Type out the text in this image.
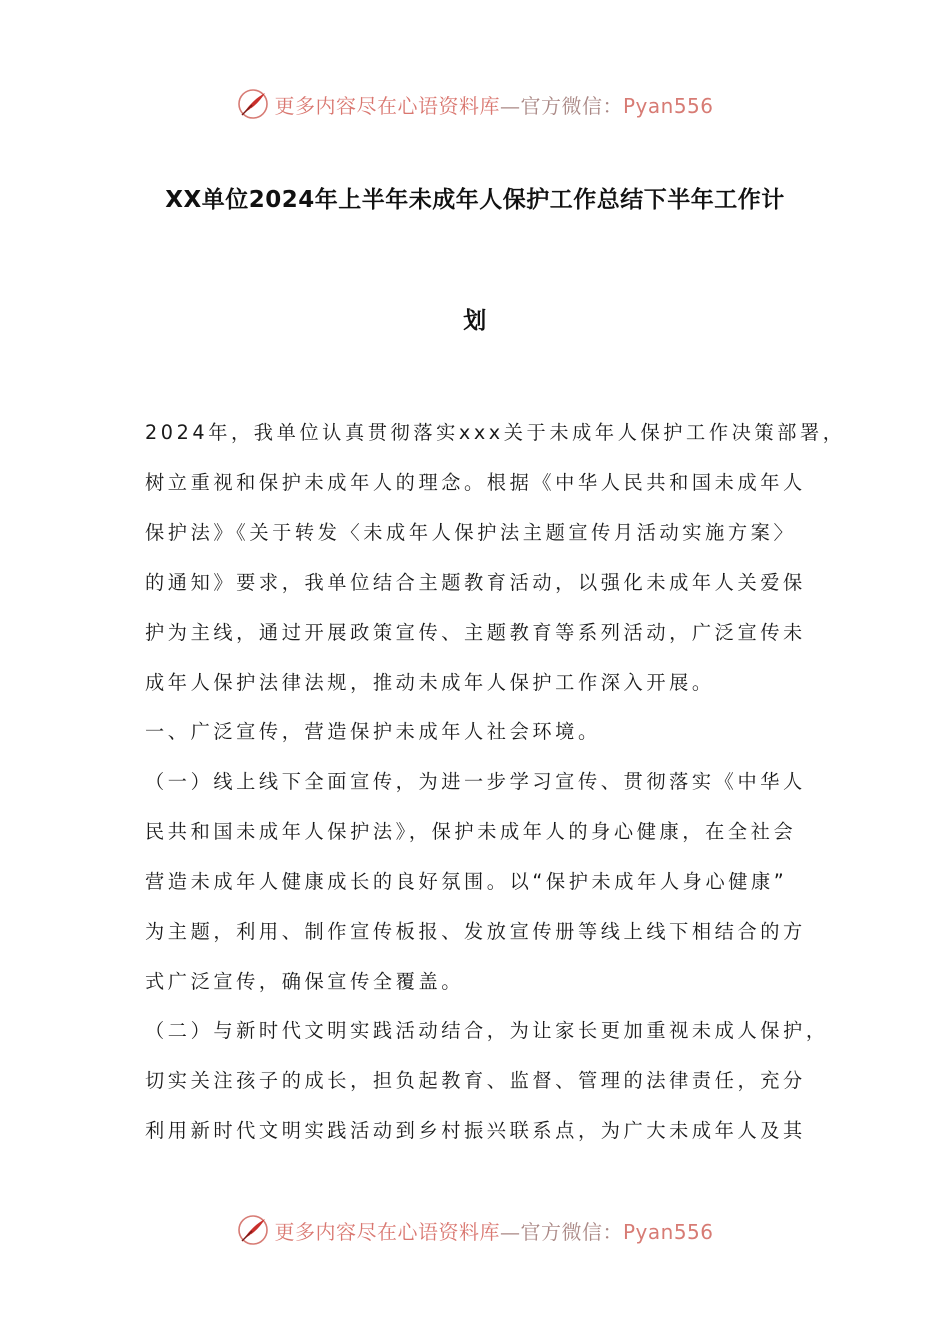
更多内容尽在心语资料库—官方微信：Pyan556
XX单位2024年上半年未成年人保护工作总结下半年工作计
划
2024年，我单位认真贯彻落实xxx关于未成年人保护工作决策部署，
树立重视和保护未成年人的理念。根据《中华人民共和国未成年人
保护法》《关于转发〈未成年人保护法主题宣传月活动实施方案〉
的通知》要求，我单位结合主题教育活动，以强化未成年人关爱保
护为主线，通过开展政策宣传、主题教育等系列活动，广泛宣传未
成年人保护法律法规，推动未成年人保护工作深入开展。
一、广泛宣传，营造保护未成年人社会环境。
（一）线上线下全面宣传，为进一步学习宣传、贯彻落实《中华人
民共和国未成年人保护法》，保护未成年人的身心健康，在全社会
营造未成年人健康成长的良好氛围。以“保护未成年人身心健康”
为主题，利用、制作宣传板报、发放宣传册等线上线下相结合的方
式广泛宣传，确保宣传全覆盖。
（二）与新时代文明实践活动结合，为让家长更加重视未成人保护，
切实关注孩子的成长，担负起教育、监督、管理的法律责任，充分
利用新时代文明实践活动到乡村振兴联系点，为广大未成年人及其
更多内容尽在心语资料库—官方微信：Pyan556
